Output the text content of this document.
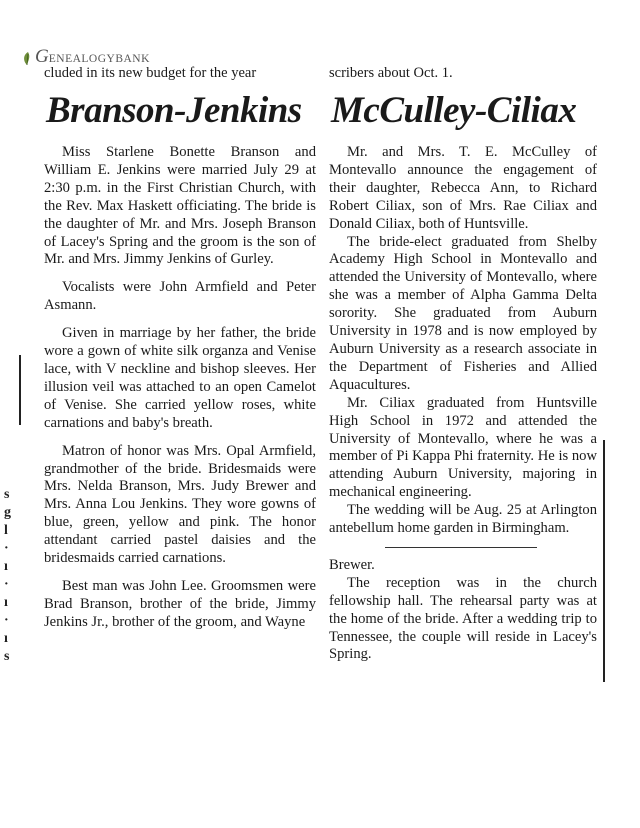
G ENEALOGYBANK
s
g
l
·
ı
·
ı
·
ı
s

cluded in its new budget for the year

Branson-Jenkins

Miss Starlene Bonette Branson and William E. Jenkins were married July 29 at 2:30 p.m. in the First Christian Church, with the Rev. Max Haskett officiating. The bride is the daughter of Mr. and Mrs. Joseph Branson of Lacey's Spring and the groom is the son of Mr. and Mrs. Jimmy Jenkins of Gurley.

Vocalists were John Armfield and Peter Asmann.

Given in marriage by her father, the bride wore a gown of white silk organza and Venise lace, with V neckline and bishop sleeves. Her illusion veil was attached to an open Camelot of Venise. She carried yellow roses, white carnations and baby's breath.

Matron of honor was Mrs. Opal Armfield, grandmother of the bride. Bridesmaids were Mrs. Nelda Branson, Mrs. Judy Brewer and Mrs. Anna Lou Jenkins. They wore gowns of blue, green, yellow and pink. The honor attendant carried pastel daisies and the bridesmaids carried carnations.

Best man was John Lee. Groomsmen were Brad Branson, brother of the bride, Jimmy Jenkins Jr., brother of the groom, and Wayne

scribers about Oct. 1.

McCulley-Ciliax

Mr. and Mrs. T. E. McCulley of Montevallo announce the engagement of their daughter, Rebecca Ann, to Richard Robert Ciliax, son of Mrs. Rae Ciliax and Donald Ciliax, both of Huntsville.

The bride-elect graduated from Shelby Academy High School in Montevallo and attended the University of Montevallo, where she was a member of Alpha Gamma Delta sorority. She graduated from Auburn University in 1978 and is now employed by Auburn University as a research associate in the Department of Fisheries and Allied Aquacultures.

Mr. Ciliax graduated from Huntsville High School in 1972 and attended the University of Montevallo, where he was a member of Pi Kappa Phi fraternity. He is now attending Auburn University, majoring in mechanical engineering.

The wedding will be Aug. 25 at Arlington antebellum home garden in Birmingham.

Brewer.

The reception was in the church fellowship hall. The rehearsal party was at the home of the bride. After a wedding trip to Tennessee, the couple will reside in Lacey's Spring.
